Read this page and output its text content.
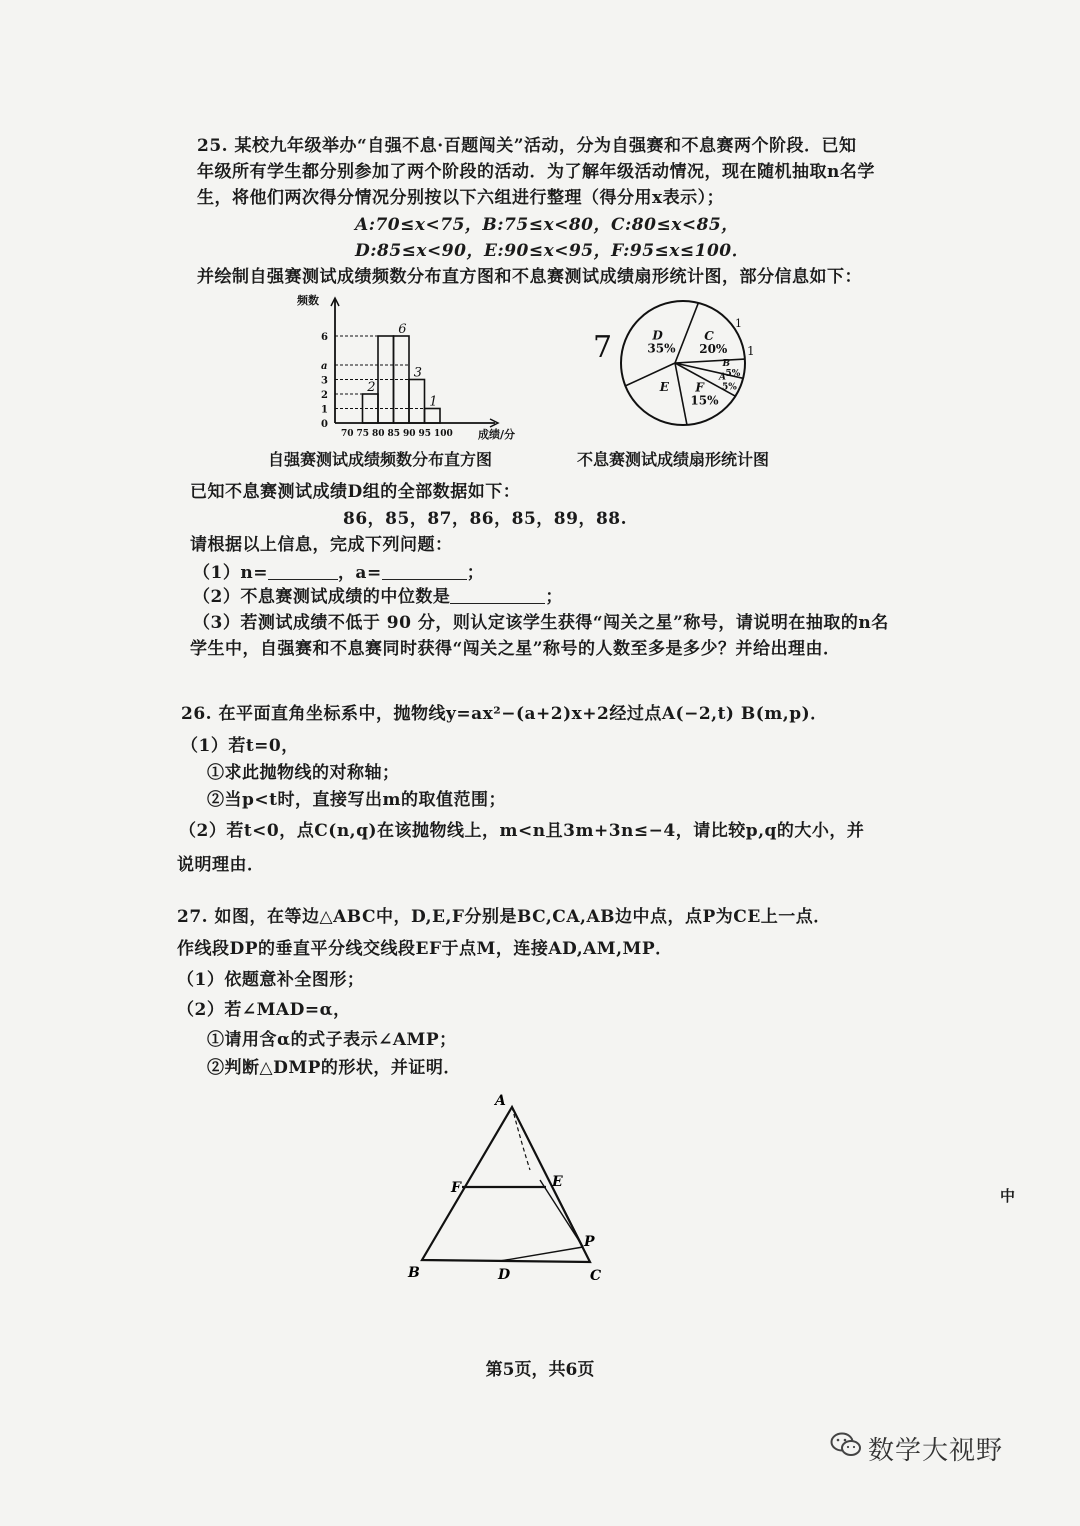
25. 某校九年级举办“自强不息·百题闯关”活动，分为自强赛和不息赛两个阶段．已知
年级所有学生都分别参加了两个阶段的活动．为了解年级活动情况，现在随机抽取n名学
生，将他们两次得分情况分别按以下六组进行整理（得分用x表示）；
A:70≤x<75，B:75≤x<80，C:80≤x<85，
D:85≤x<90，E:90≤x<95，F:95≤x≤100．
并绘制自强赛测试成绩频数分布直方图和不息赛测试成绩扇形统计图，部分信息如下：
频数
成绩/分
2
6
3
1
0
1
2
3
a
6
70 75 80 85 90 95 100
自强赛测试成绩频数分布直方图
C
20%
B
5%
A
5%
F
15%
E
D
35%
7
1
1
不息赛测试成绩扇形统计图
已知不息赛测试成绩D组的全部数据如下：
86，85，87，86，85，89，88.
请根据以上信息，完成下列问题：
（1）n=	，a=	；
（2）不息赛测试成绩的中位数是	；
（3）若测试成绩不低于 90 分，则认定该学生获得“闯关之星”称号，请说明在抽取的n名
学生中，自强赛和不息赛同时获得“闯关之星”称号的人数至多是多少？并给出理由．
26. 在平面直角坐标系中，抛物线y=ax²−(a+2)x+2经过点A(−2,t) B(m,p)．
（1）若t=0，
①求此抛物线的对称轴；
②当p<t时，直接写出m的取值范围；
（2）若t<0，点C(n,q)在该抛物线上，m<n且3m+3n≤−4，请比较p,q的大小，并
说明理由．
27. 如图，在等边△ABC中，D,E,F分别是BC,CA,AB边中点，点P为CE上一点．
作线段DP的垂直平分线交线段EF于点M，连接AD,AM,MP．
（1）依题意补全图形；
（2）若∠MAD=α，
①请用含α的式子表示∠AMP；
②判断△DMP的形状，并证明．
A
B	C
D
E
F
P
中
第5页，共6页
数学大视野
